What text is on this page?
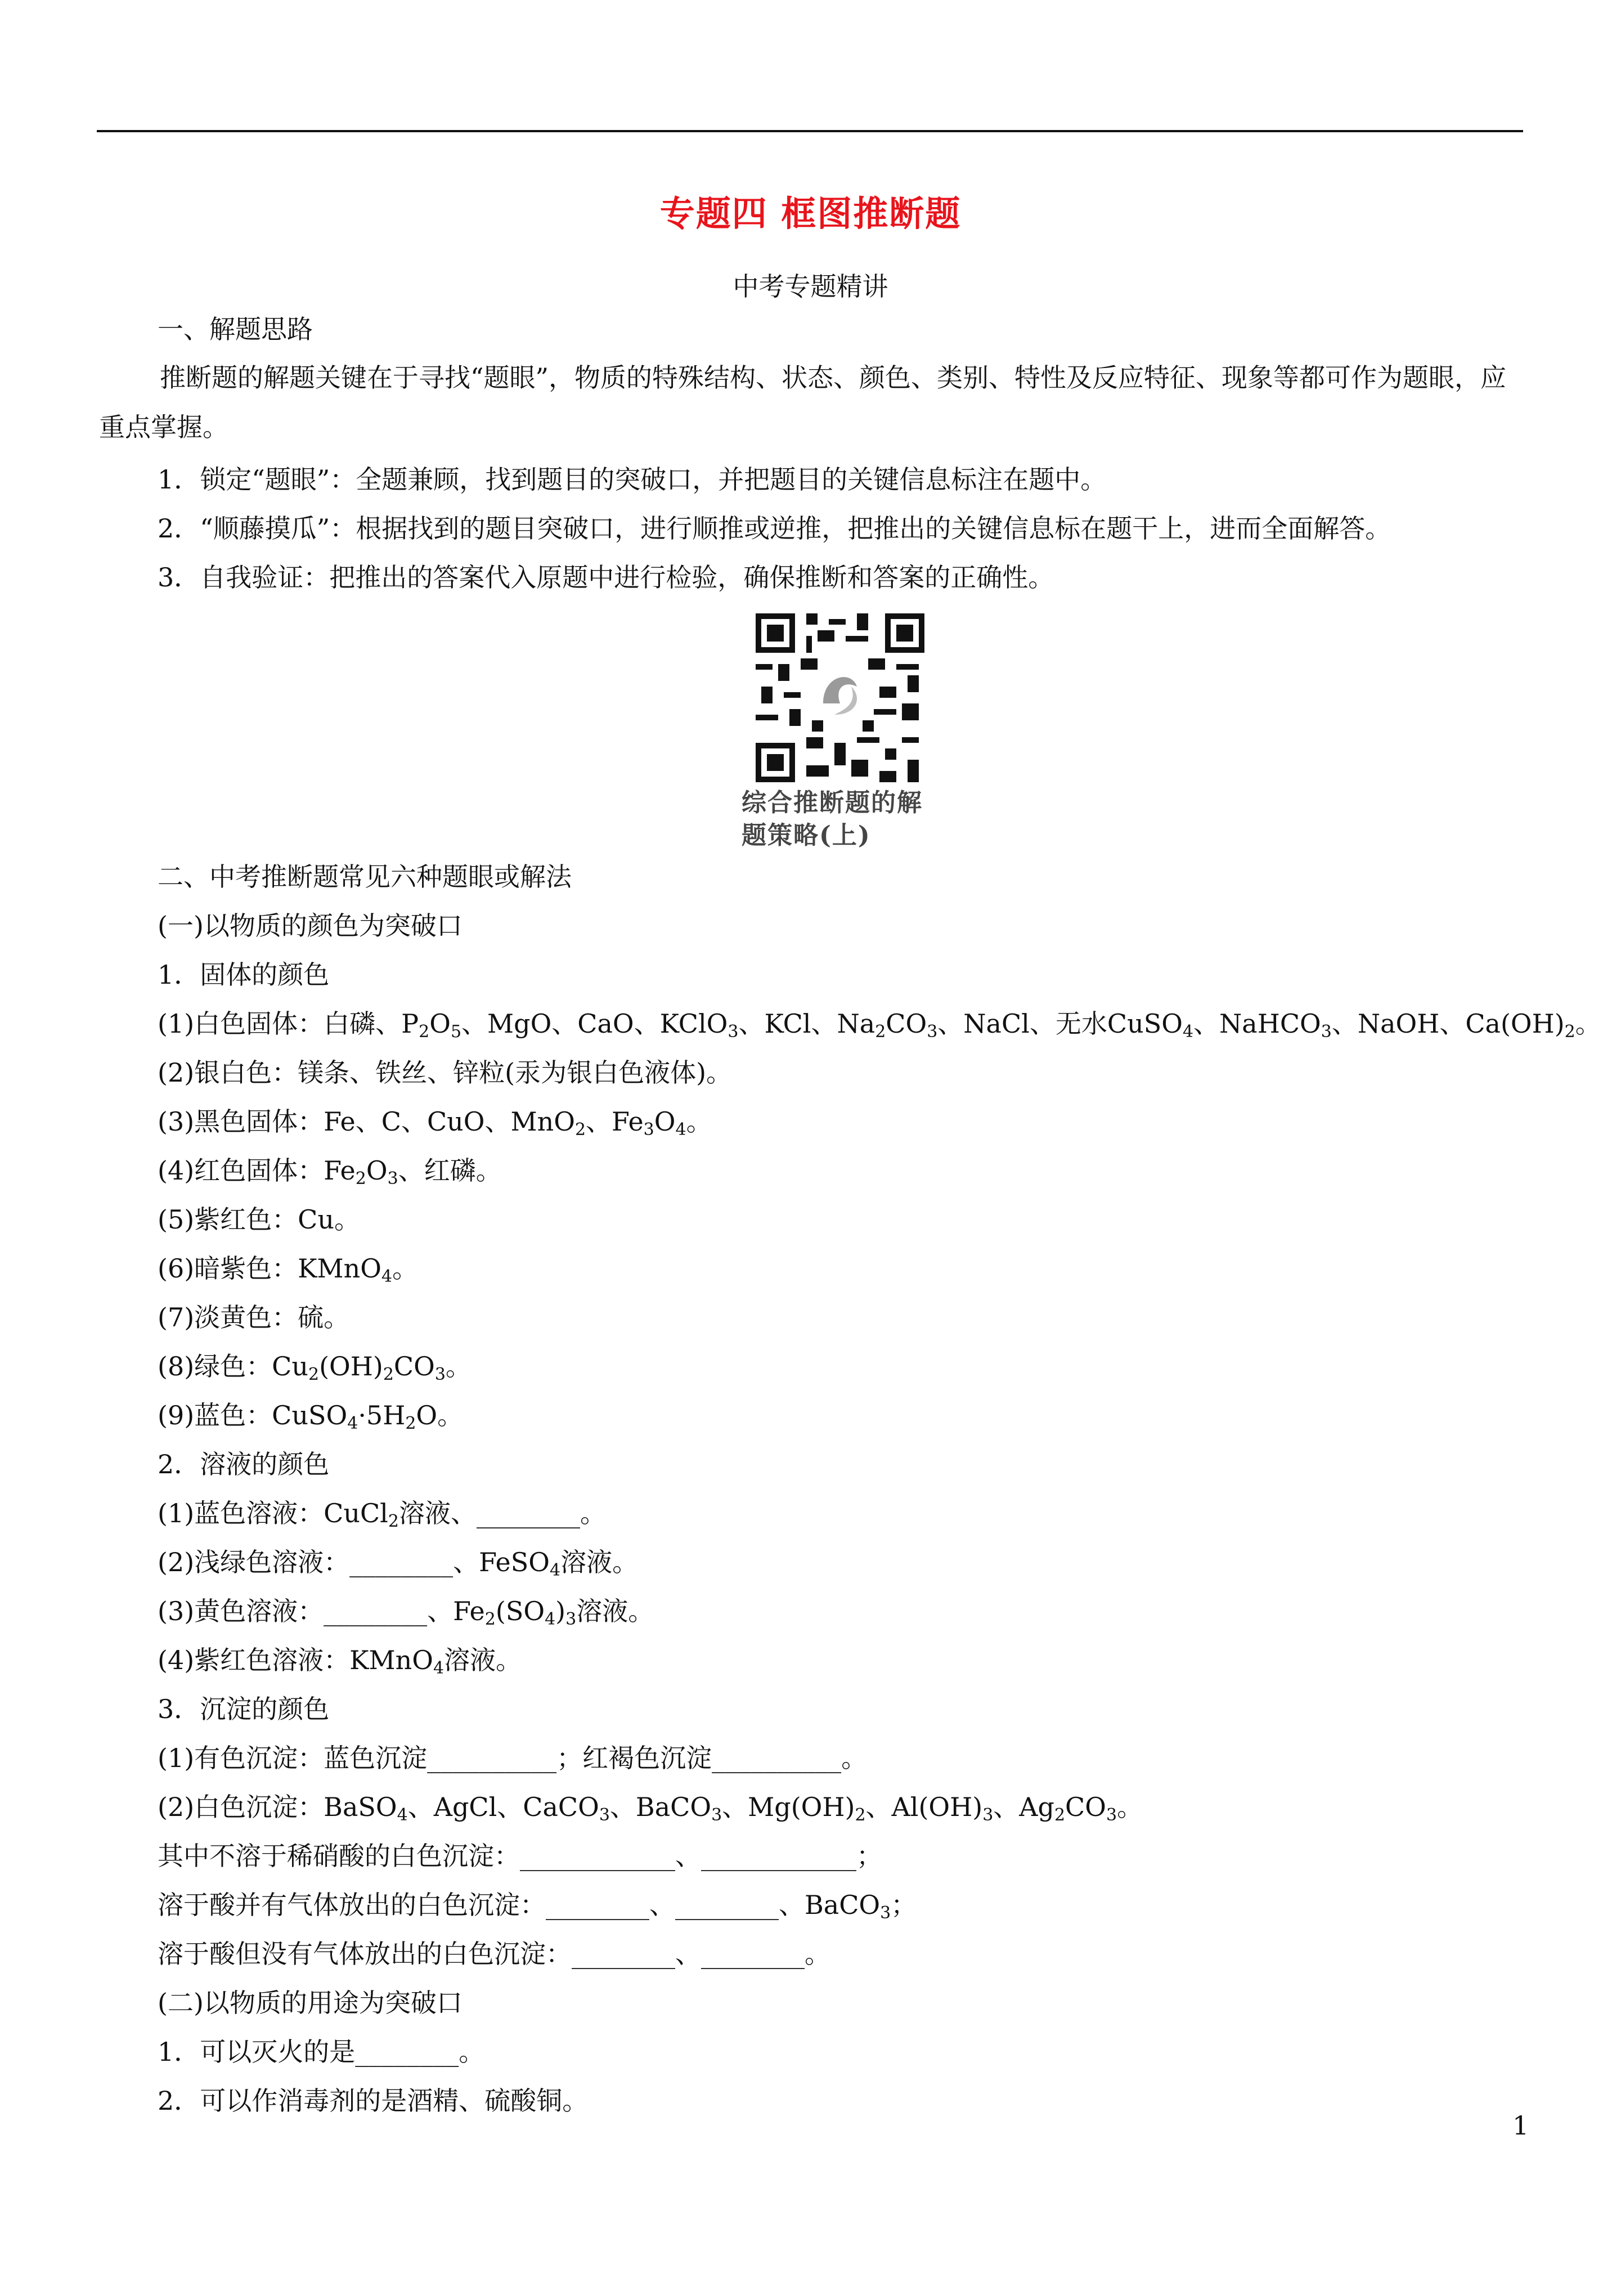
专题四 框图推断题
中考专题精讲
一、解题思路
推断题的解题关键在于寻找“题眼”，物质的特殊结构、状态、颜色、类别、特性及反应特征、现象等都可作为题眼，应重点掌握。
1．锁定“题眼”：全题兼顾，找到题目的突破口，并把题目的关键信息标注在题中。
2．“顺藤摸瓜”：根据找到的题目突破口，进行顺推或逆推，把推出的关键信息标在题干上，进而全面解答。
3．自我验证：把推出的答案代入原题中进行检验，确保推断和答案的正确性。
综合推断题的解
题策略(上)
二、中考推断题常见六种题眼或解法
(一)以物质的颜色为突破口
1．固体的颜色
(1)白色固体：白磷、$P_2O_5$、MgO、CaO、KClO$_3$、KCl、$Na_2CO_3$、NaCl、无水CuSO$_4$、NaHCO$_3$、NaOH、$Ca(OH)_2$。
(2)银白色：镁条、铁丝、锌粒(汞为银白色液体)。
(3)黑色固体：Fe、C、CuO、MnO$_2$、$Fe_3O_4$。
(4)红色固体：$Fe_2O_3$、红磷。
(5)紫红色：Cu。
(6)暗紫色：KMnO$_4$。
(7)淡黄色：硫。
(8)绿色：$Cu_2(OH)_2CO_3$。
(9)蓝色：$CuSO_4\cdot 5H_2O$。
2．溶液的颜色
(1)蓝色溶液：CuCl$_2$溶液、________。
(2)浅绿色溶液：________、FeSO$_4$溶液。
(3)黄色溶液：________、$Fe_2(SO_4)_3$溶液。
(4)紫红色溶液：KMnO$_4$溶液。
3．沉淀的颜色
(1)有色沉淀：蓝色沉淀__________；红褐色沉淀__________。
(2)白色沉淀：BaSO$_4$、AgCl、CaCO$_3$、BaCO$_3$、$Mg(OH)_2$、$Al(OH)_3$、$Ag_2CO_3$。
其中不溶于稀硝酸的白色沉淀：____________、____________；
溶于酸并有气体放出的白色沉淀：________、________、BaCO$_3$；
溶于酸但没有气体放出的白色沉淀：________、________。
(二)以物质的用途为突破口
1．可以灭火的是________。
2．可以作消毒剂的是酒精、硫酸铜。
1
